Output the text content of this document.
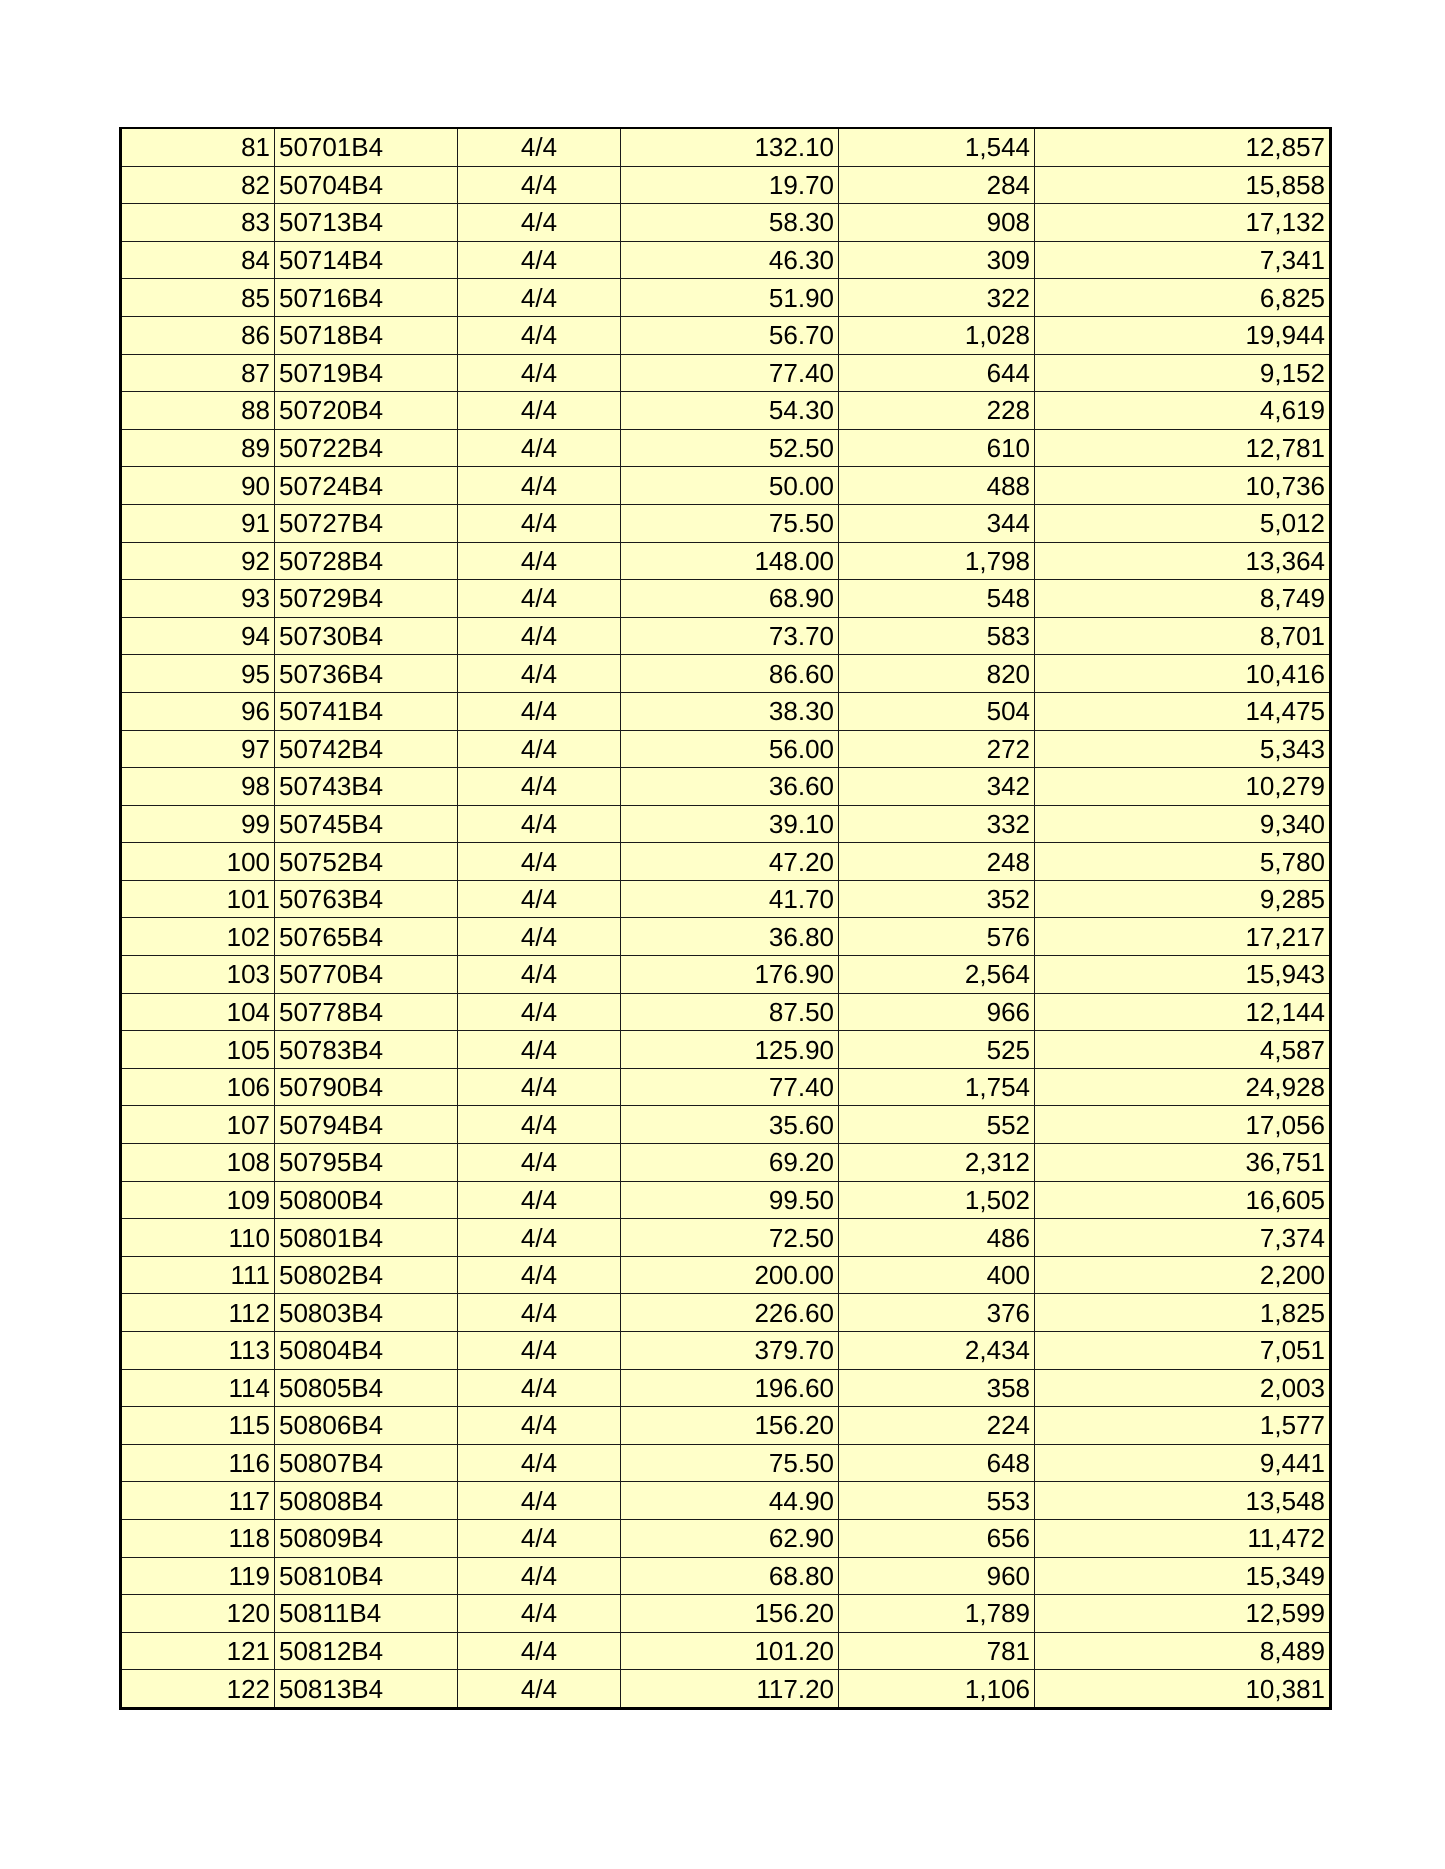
81	50701B4	4/4	132.10	1,544	12,857
82	50704B4	4/4	19.70	284	15,858
83	50713B4	4/4	58.30	908	17,132
84	50714B4	4/4	46.30	309	7,341
85	50716B4	4/4	51.90	322	6,825
86	50718B4	4/4	56.70	1,028	19,944
87	50719B4	4/4	77.40	644	9,152
88	50720B4	4/4	54.30	228	4,619
89	50722B4	4/4	52.50	610	12,781
90	50724B4	4/4	50.00	488	10,736
91	50727B4	4/4	75.50	344	5,012
92	50728B4	4/4	148.00	1,798	13,364
93	50729B4	4/4	68.90	548	8,749
94	50730B4	4/4	73.70	583	8,701
95	50736B4	4/4	86.60	820	10,416
96	50741B4	4/4	38.30	504	14,475
97	50742B4	4/4	56.00	272	5,343
98	50743B4	4/4	36.60	342	10,279
99	50745B4	4/4	39.10	332	9,340
100	50752B4	4/4	47.20	248	5,780
101	50763B4	4/4	41.70	352	9,285
102	50765B4	4/4	36.80	576	17,217
103	50770B4	4/4	176.90	2,564	15,943
104	50778B4	4/4	87.50	966	12,144
105	50783B4	4/4	125.90	525	4,587
106	50790B4	4/4	77.40	1,754	24,928
107	50794B4	4/4	35.60	552	17,056
108	50795B4	4/4	69.20	2,312	36,751
109	50800B4	4/4	99.50	1,502	16,605
110	50801B4	4/4	72.50	486	7,374
111	50802B4	4/4	200.00	400	2,200
112	50803B4	4/4	226.60	376	1,825
113	50804B4	4/4	379.70	2,434	7,051
114	50805B4	4/4	196.60	358	2,003
115	50806B4	4/4	156.20	224	1,577
116	50807B4	4/4	75.50	648	9,441
117	50808B4	4/4	44.90	553	13,548
118	50809B4	4/4	62.90	656	11,472
119	50810B4	4/4	68.80	960	15,349
120	50811B4	4/4	156.20	1,789	12,599
121	50812B4	4/4	101.20	781	8,489
122	50813B4	4/4	117.20	1,106	10,381
